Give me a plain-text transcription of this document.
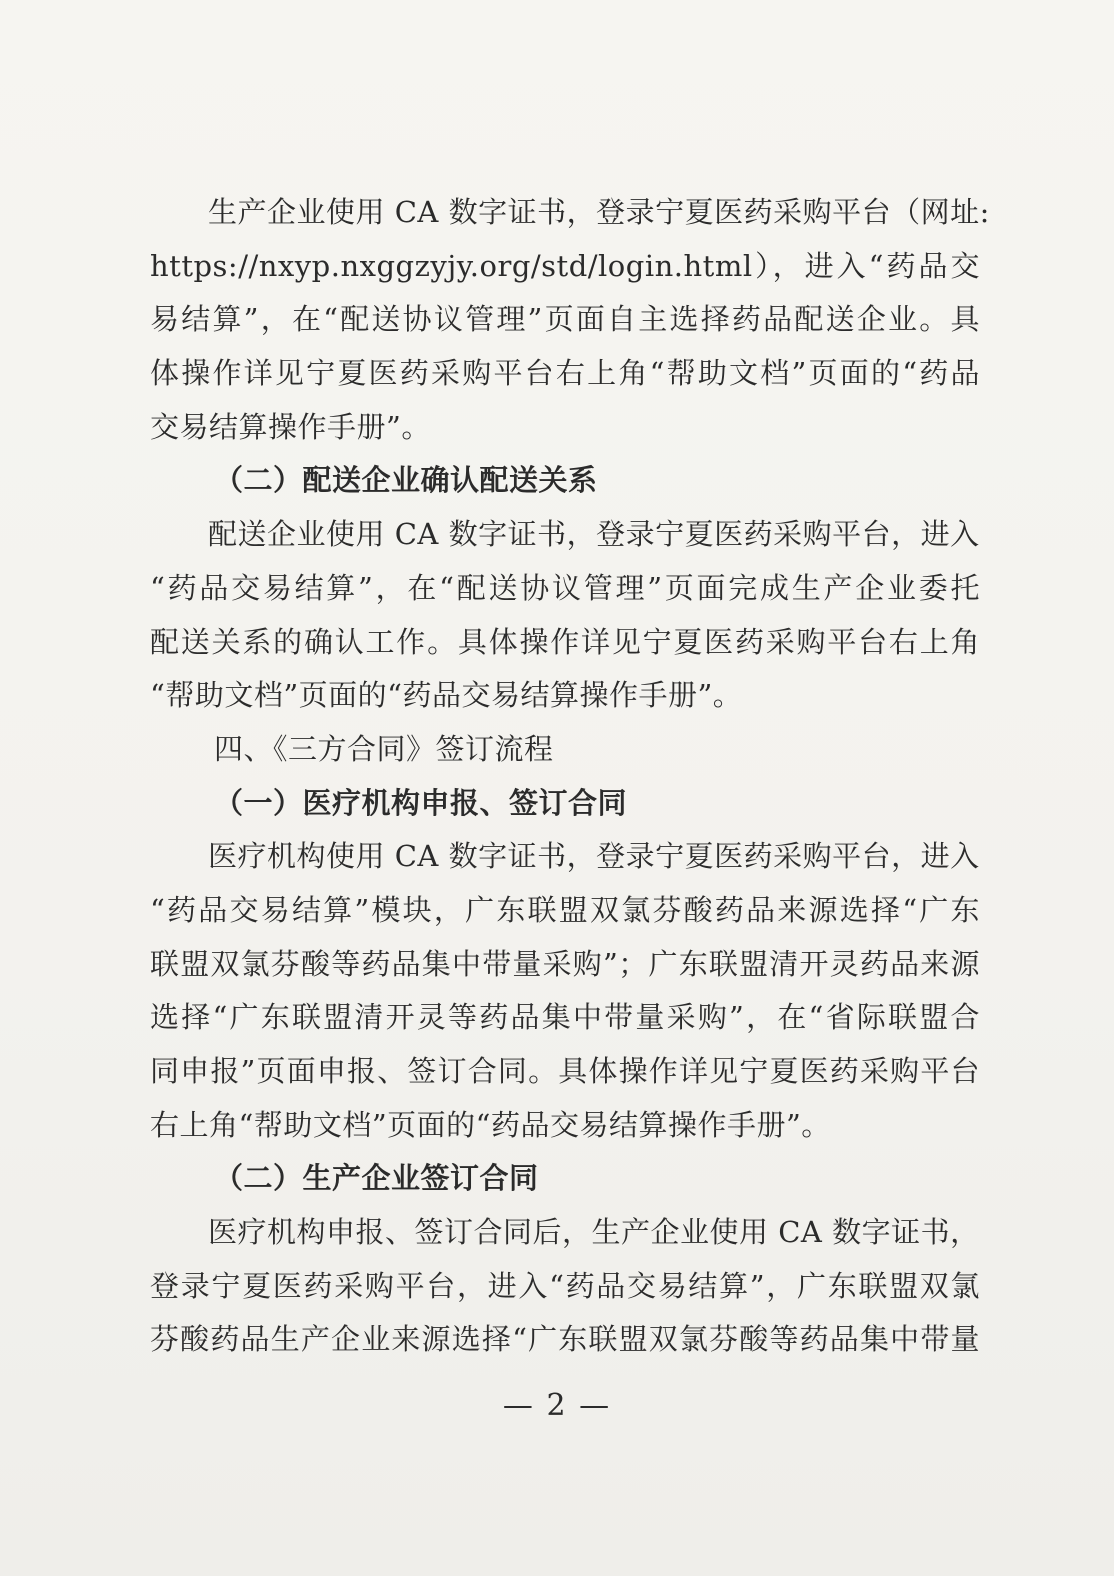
生产企业使用 CA 数字证书，登录宁夏医药采购平台（网址:
https://nxyp.nxggzyjy.org/std/login.html），进入“药品交
易结算”，在“配送协议管理”页面自主选择药品配送企业。具
体操作详见宁夏医药采购平台右上角“帮助文档”页面的“药品
交易结算操作手册”。
（二）配送企业确认配送关系
配送企业使用 CA 数字证书，登录宁夏医药采购平台，进入
“药品交易结算”，在“配送协议管理”页面完成生产企业委托
配送关系的确认工作。具体操作详见宁夏医药采购平台右上角
“帮助文档”页面的“药品交易结算操作手册”。
四、《三方合同》签订流程
（一）医疗机构申报、签订合同
医疗机构使用 CA 数字证书，登录宁夏医药采购平台，进入
“药品交易结算”模块，广东联盟双氯芬酸药品来源选择“广东
联盟双氯芬酸等药品集中带量采购”；广东联盟清开灵药品来源
选择“广东联盟清开灵等药品集中带量采购”，在“省际联盟合
同申报”页面申报、签订合同。具体操作详见宁夏医药采购平台
右上角“帮助文档”页面的“药品交易结算操作手册”。
（二）生产企业签订合同
医疗机构申报、签订合同后，生产企业使用 CA 数字证书，
登录宁夏医药采购平台，进入“药品交易结算”，广东联盟双氯
芬酸药品生产企业来源选择“广东联盟双氯芬酸等药品集中带量
— 2 —
